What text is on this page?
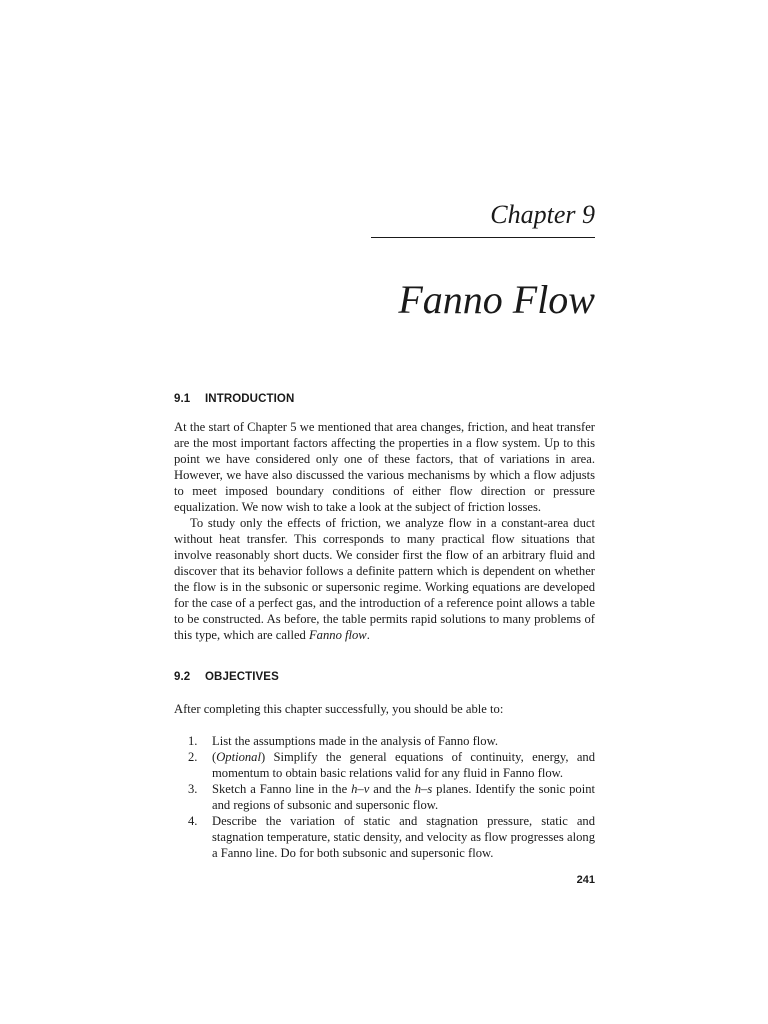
Chapter 9
Fanno Flow
9.1 INTRODUCTION

At the start of Chapter 5 we mentioned that area changes, friction, and heat transfer are the most important factors affecting the properties in a flow system. Up to this point we have considered only one of these factors, that of variations in area. However, we have also discussed the various mechanisms by which a flow adjusts to meet imposed boundary conditions of either flow direction or pressure equalization. We now wish to take a look at the subject of friction losses.

To study only the effects of friction, we analyze flow in a constant-area duct without heat transfer. This corresponds to many practical flow situations that involve reasonably short ducts. We consider first the flow of an arbitrary fluid and discover that its behavior follows a definite pattern which is dependent on whether the flow is in the subsonic or supersonic regime. Working equations are developed for the case of a perfect gas, and the introduction of a reference point allows a table to be constructed. As before, the table permits rapid solutions to many problems of this type, which are called Fanno flow.

9.2 OBJECTIVES
After completing this chapter successfully, you should be able to:
1.	List the assumptions made in the analysis of Fanno flow.
2.	(Optional) Simplify the general equations of continuity, energy, and momentum to obtain basic relations valid for any fluid in Fanno flow.
3.	Sketch a Fanno line in the h–v and the h–s planes. Identify the sonic point and regions of subsonic and supersonic flow.
4.	Describe the variation of static and stagnation pressure, static and stagnation temperature, static density, and velocity as flow progresses along a Fanno line. Do for both subsonic and supersonic flow.
241
